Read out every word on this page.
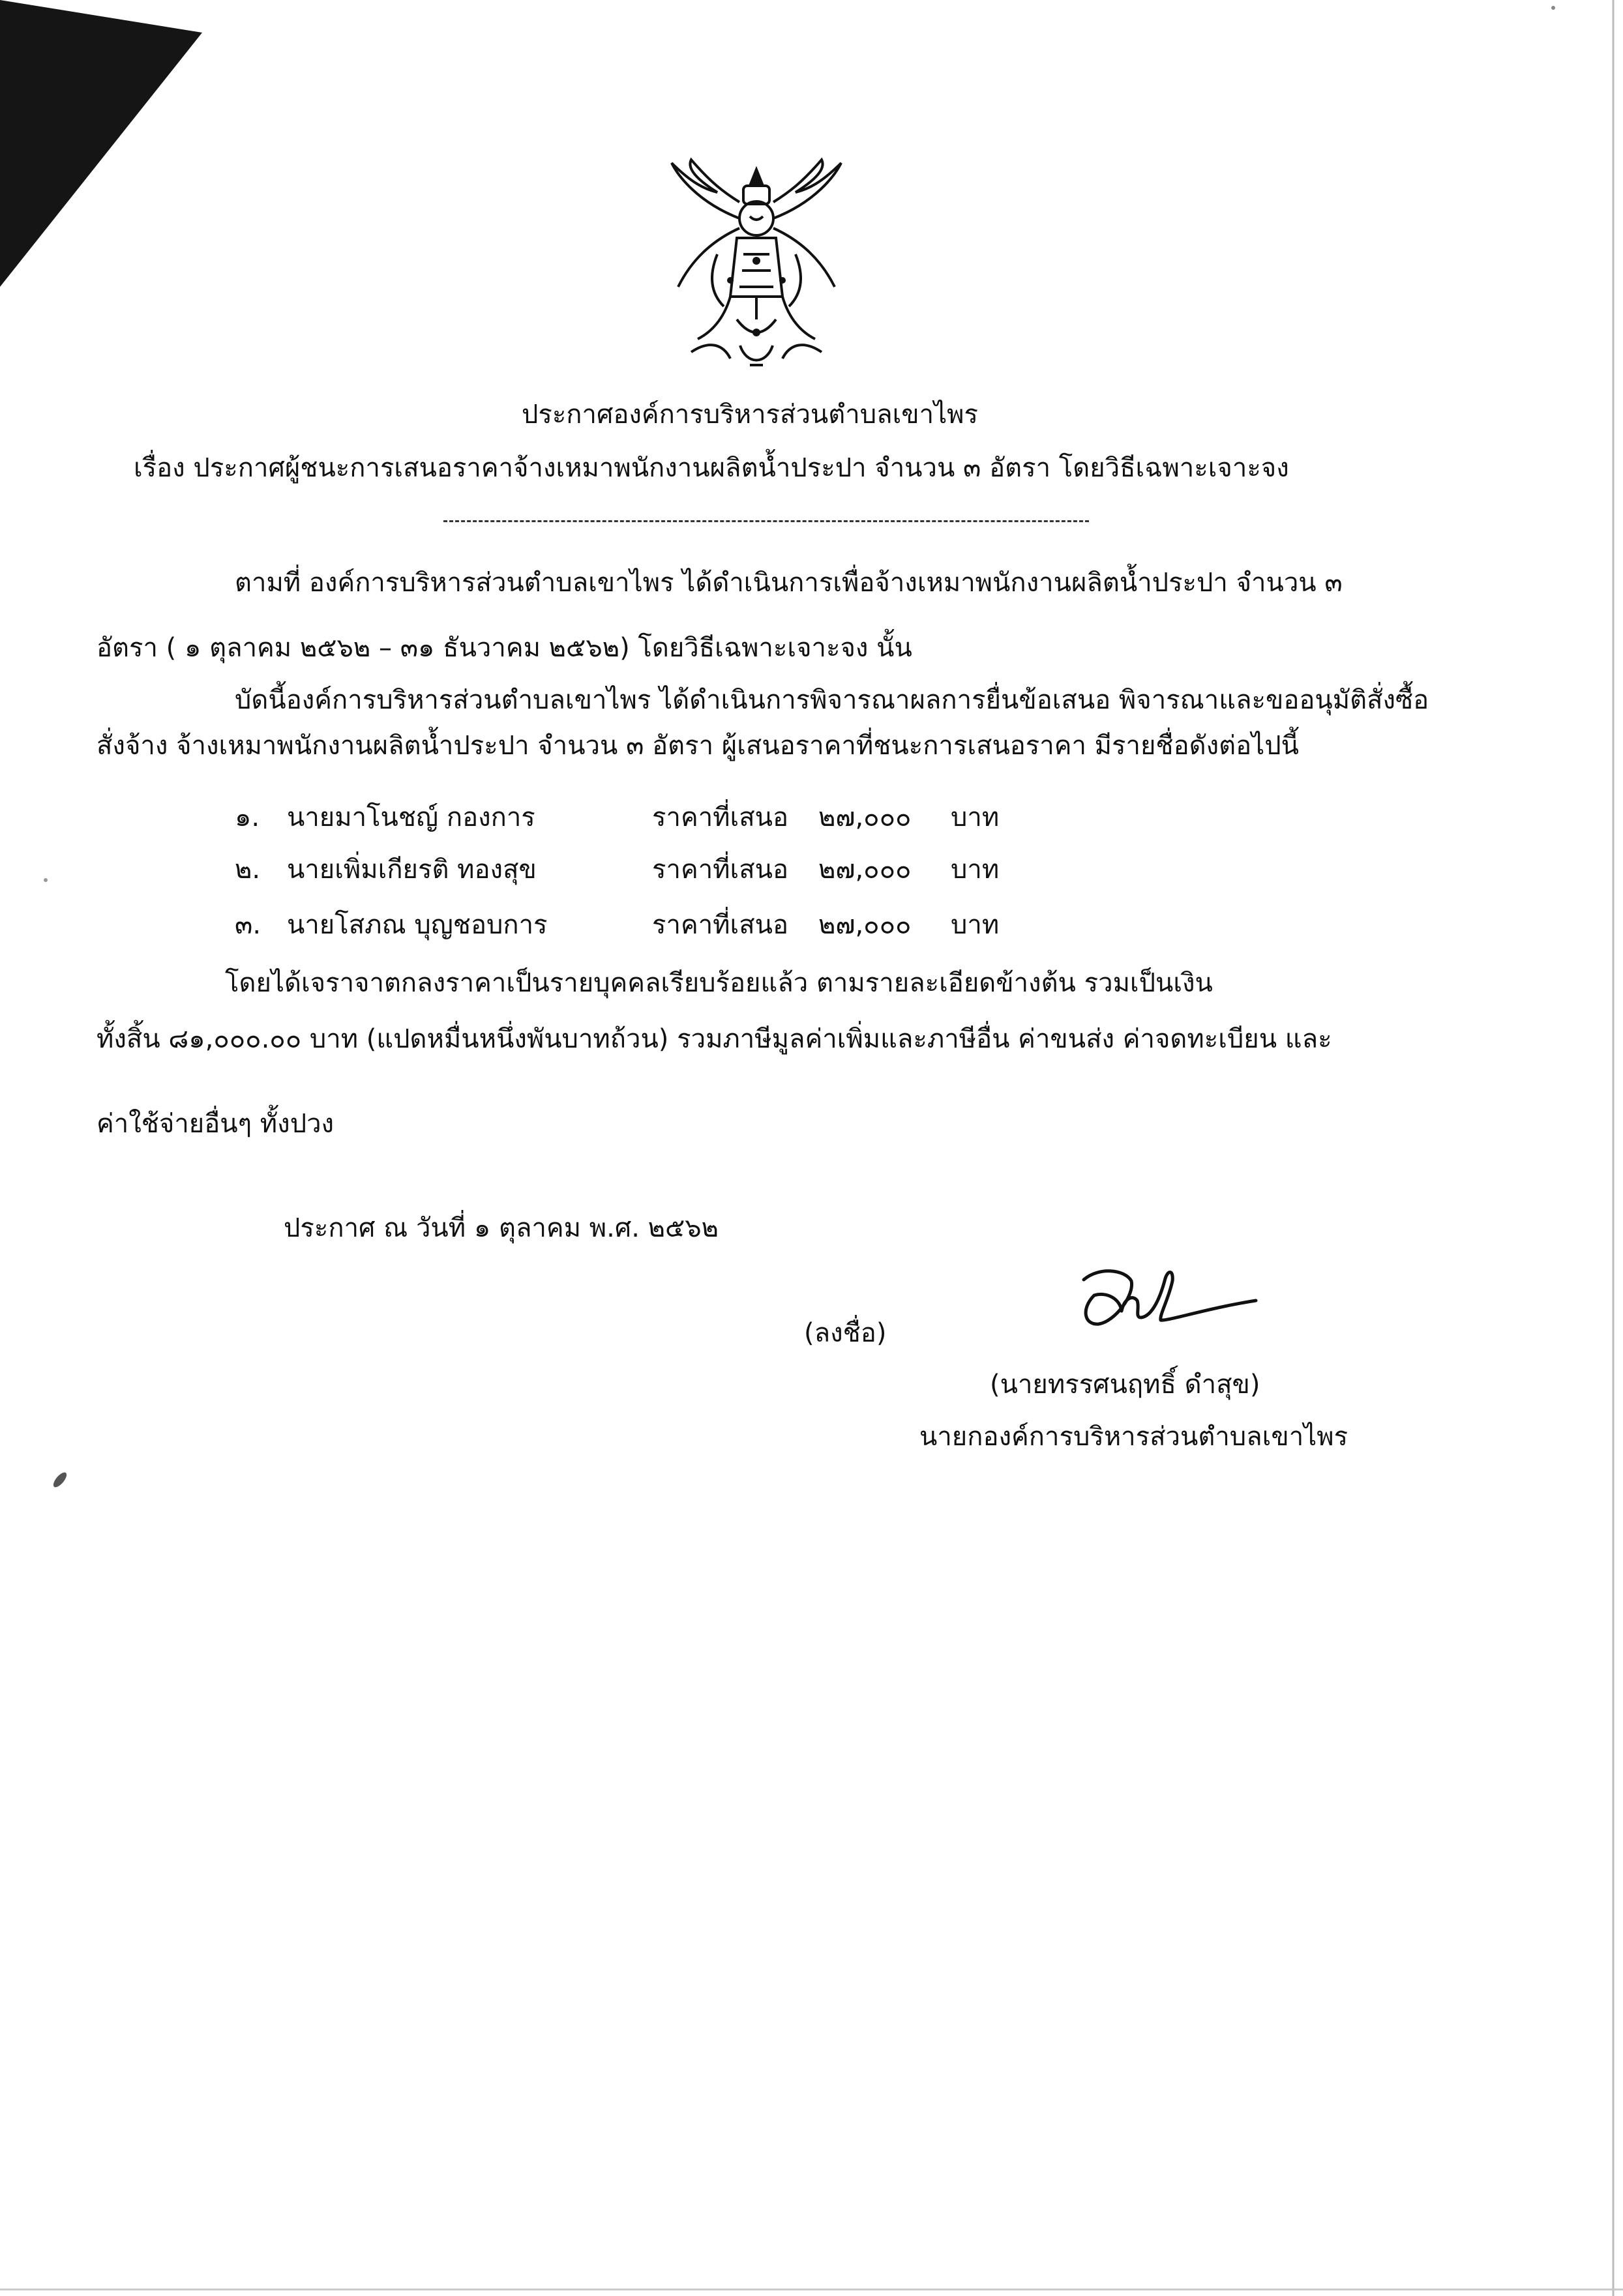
ประกาศองค์การบริหารส่วนตำบลเขาไพร
เรื่อง ประกาศผู้ชนะการเสนอราคาจ้างเหมาพนักงานผลิตน้ำประปา จำนวน ๓ อัตรา โดยวิธีเฉพาะเจาะจง
ตามที่ องค์การบริหารส่วนตำบลเขาไพร ได้ดำเนินการเพื่อจ้างเหมาพนักงานผลิตน้ำประปา จำนวน ๓
อัตรา ( ๑ ตุลาคม ๒๕๖๒ – ๓๑ ธันวาคม ๒๕๖๒) โดยวิธีเฉพาะเจาะจง นั้น
บัดนี้องค์การบริหารส่วนตำบลเขาไพร ได้ดำเนินการพิจารณาผลการยื่นข้อเสนอ พิจารณาและขออนุมัติสั่งซื้อ
สั่งจ้าง จ้างเหมาพนักงานผลิตน้ำประปา จำนวน ๓ อัตรา ผู้เสนอราคาที่ชนะการเสนอราคา มีรายชื่อดังต่อไปนี้
๑. นายมาโนชญ์ กองการ	ราคาที่เสนอ ๒๗,๐๐๐ บาท
๒. นายเพิ่มเกียรติ ทองสุข	ราคาที่เสนอ ๒๗,๐๐๐ บาท
๓. นายโสภณ บุญชอบการ	ราคาที่เสนอ ๒๗,๐๐๐ บาท
โดยได้เจราจาตกลงราคาเป็นรายบุคคลเรียบร้อยแล้ว ตามรายละเอียดข้างต้น รวมเป็นเงิน
ทั้งสิ้น ๘๑,๐๐๐.๐๐ บาท (แปดหมื่นหนึ่งพันบาทถ้วน) รวมภาษีมูลค่าเพิ่มและภาษีอื่น ค่าขนส่ง ค่าจดทะเบียน และ
ค่าใช้จ่ายอื่นๆ ทั้งปวง
ประกาศ ณ วันที่ ๑ ตุลาคม พ.ศ. ๒๕๖๒
(ลงชื่อ)
(นายทรรศนฤทธิ์ ดำสุข)
นายกองค์การบริหารส่วนตำบลเขาไพร
